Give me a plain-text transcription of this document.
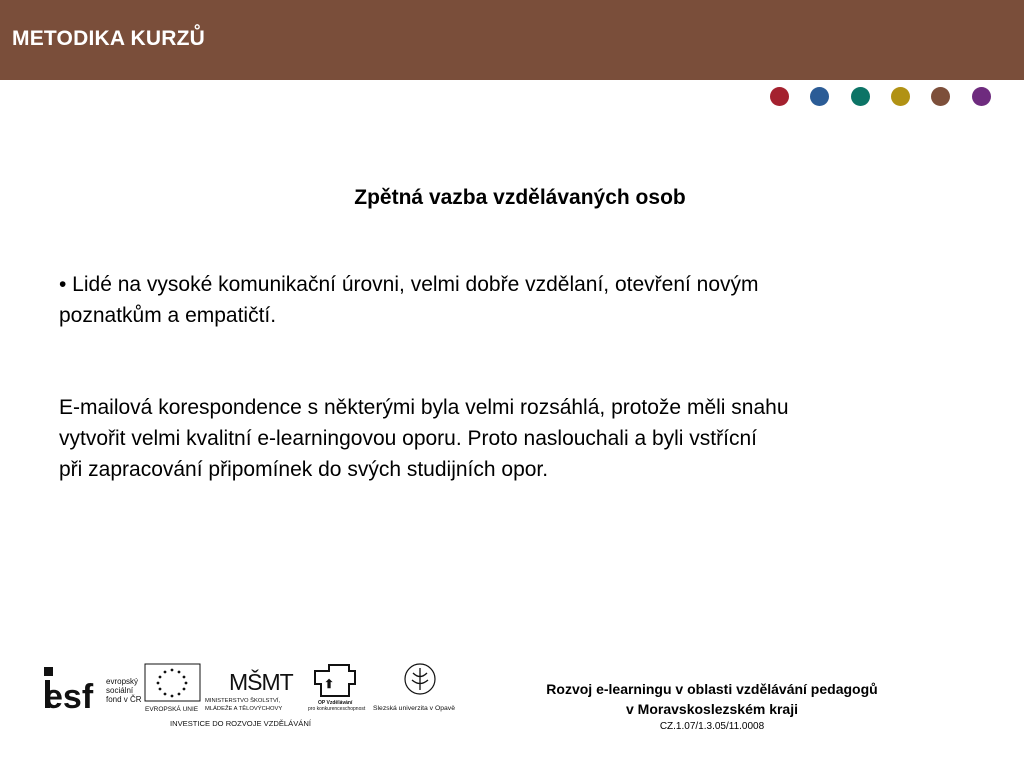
METODIKA KURZŮ
Zpětná vazba vzdělávaných osob
• Lidé na vysoké komunikační úrovni, velmi dobře vzdělaní, otevření novým
poznatkům a empatičtí.
E-mailová korespondence s některými byla velmi rozsáhlá, protože měli snahu
vytvořit velmi kvalitní e-learningovou oporu. Proto naslouchali a byli vstřícní
při zapracování připomínek do svých studijních opor.
esf
★
evropský
sociální
fond v ČR
EVROPSKÁ UNIE
MŠMT
MINISTERSTVO ŠKOLSTVÍ,
MLÁDEŽE A TĚLOVÝCHOVY
⬆
OP Vzdělávání
pro konkurenceschopnost Slezská univerzita v Opavě
INVESTICE DO ROZVOJE VZDĚLÁVÁNÍ
Rozvoj e-learningu v oblasti vzdělávání pedagogů
v Moravskoslezském kraji
CZ.1.07/1.3.05/11.0008
